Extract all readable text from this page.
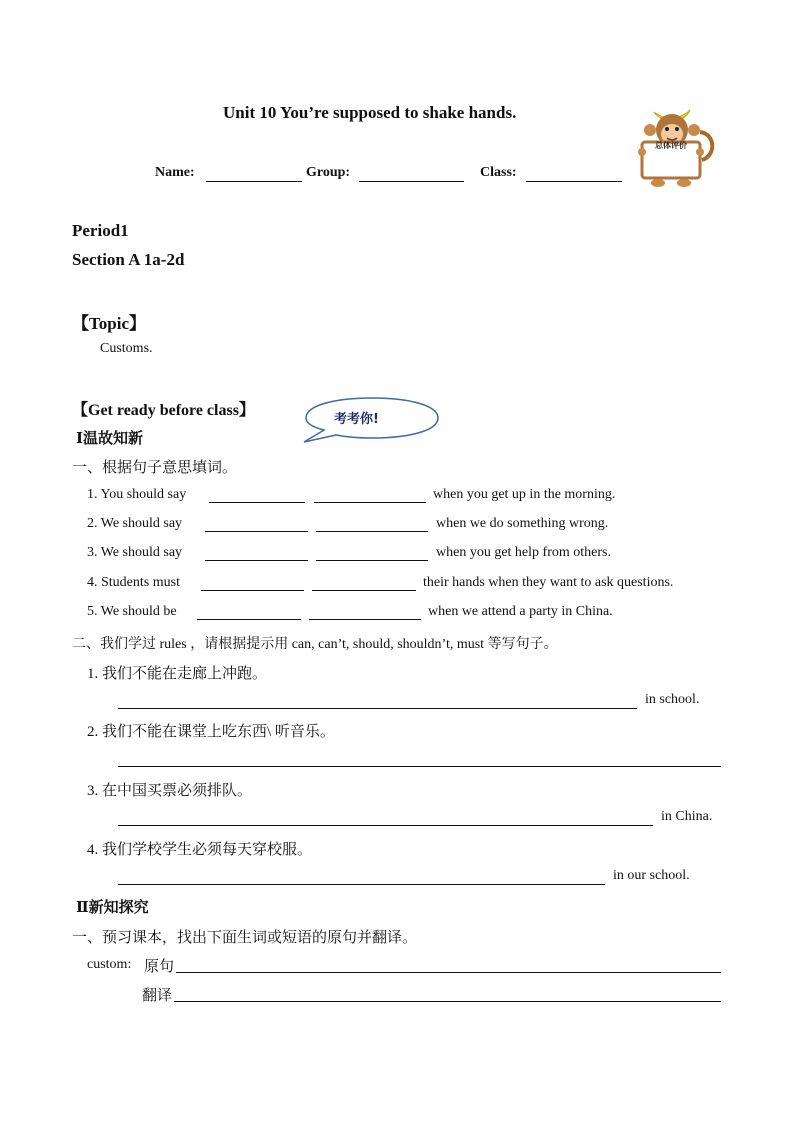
Unit 10 You’re supposed to shake hands.
Name:	Group:	Class:
总体评价
Period1
Section A 1a-2d
【Topic】
Customs.
【Get ready before class】
考考你!
Ⅰ温故知新
一、根据句子意思填词。
1. You should say	when you get up in the morning.
2. We should say	when we do something wrong.
3. We should say	when you get help from others.
4. Students must	their hands when they want to ask questions.
5. We should be	when we attend a party in China.
二、我们学过 rules ，请根据提示用 can, can’t, should, shouldn’t, must 等写句子。
1. 我们不能在走廊上冲跑。
in school.
2. 我们不能在课堂上吃东西\ 听音乐。
3. 在中国买票必须排队。
in China.
4. 我们学校学生必须每天穿校服。
in our school.
Ⅱ新知探究
一、预习课本，找出下面生词或短语的原句并翻译。
custom: 原句
翻译
